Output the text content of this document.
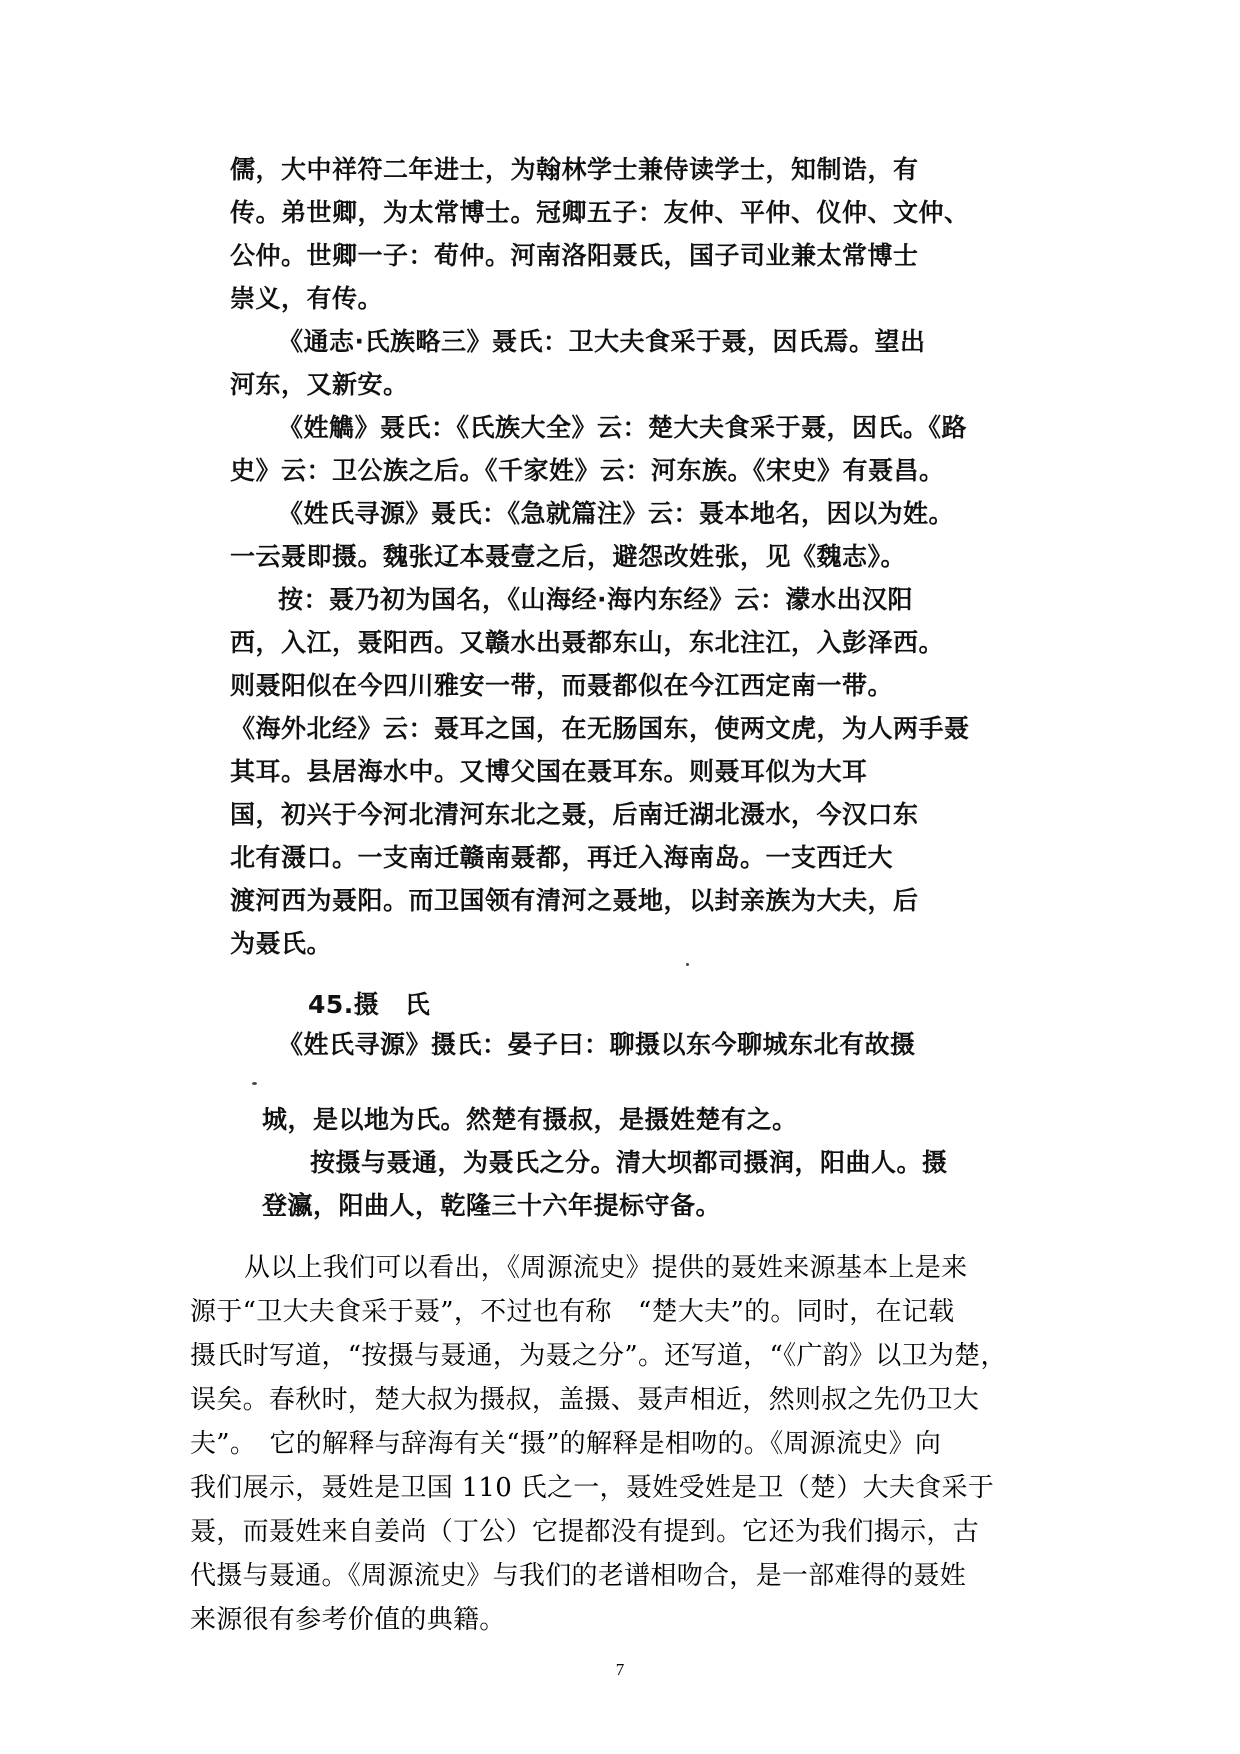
儒，大中祥符二年进士，为翰林学士兼侍读学士，知制诰，有
传。弟世卿，为太常博士。冠卿五子：友仲、平仲、仪仲、文仲、
公仲。世卿一子：荀仲。河南洛阳聂氏，国子司业兼太常博士
崇义，有传。
《通志·氏族略三》聂氏：卫大夫食采于聂，因氏焉。望出
河东，又新安。
《姓觹》聂氏：《氏族大全》云：楚大夫食采于聂，因氏。《路
史》云：卫公族之后。《千家姓》云：河东族。《宋史》有聂昌。
《姓氏寻源》聂氏：《急就篇注》云：聂本地名，因以为姓。
一云聂即摄。魏张辽本聂壹之后，避怨改姓张，见《魏志》。
按：聂乃初为国名，《山海经·海内东经》云：濛水出汉阳
西，入江，聂阳西。又赣水出聂都东山，东北注江，入彭泽西。
则聂阳似在今四川雅安一带，而聂都似在今江西定南一带。
《海外北经》云：聂耳之国，在无肠国东，使两文虎，为人两手聂
其耳。县居海水中。又博父国在聂耳东。则聂耳似为大耳
国，初兴于今河北清河东北之聂，后南迁湖北滠水，今汉口东
北有滠口。一支南迁赣南聂都，再迁入海南岛。一支西迁大
渡河西为聂阳。而卫国领有清河之聂地，以封亲族为大夫，后
为聂氏。
45.摄　氏
《姓氏寻源》摄氏：晏子曰：聊摄以东今聊城东北有故摄
城，是以地为氏。然楚有摄叔，是摄姓楚有之。
按摄与聂通，为聂氏之分。清大坝都司摄润，阳曲人。摄
登瀛，阳曲人，乾隆三十六年提标守备。
从以上我们可以看出，《周源流史》提供的聂姓来源基本上是来
源于“卫大夫食采于聂”，不过也有称　“楚大夫”的。同时，在记载
摄氏时写道，“按摄与聂通，为聂之分”。还写道，“《广韵》以卫为楚，
误矣。春秋时，楚大叔为摄叔，盖摄、聂声相近，然则叔之先仍卫大
夫”。　它的解释与辞海有关“摄”的解释是相吻的。《周源流史》向
我们展示，聂姓是卫国 110 氏之一，聂姓受姓是卫（楚）大夫食采于
聂，而聂姓来自姜尚（丁公）它提都没有提到。它还为我们揭示，古
代摄与聂通。《周源流史》与我们的老谱相吻合，是一部难得的聂姓
来源很有参考价值的典籍。
7
